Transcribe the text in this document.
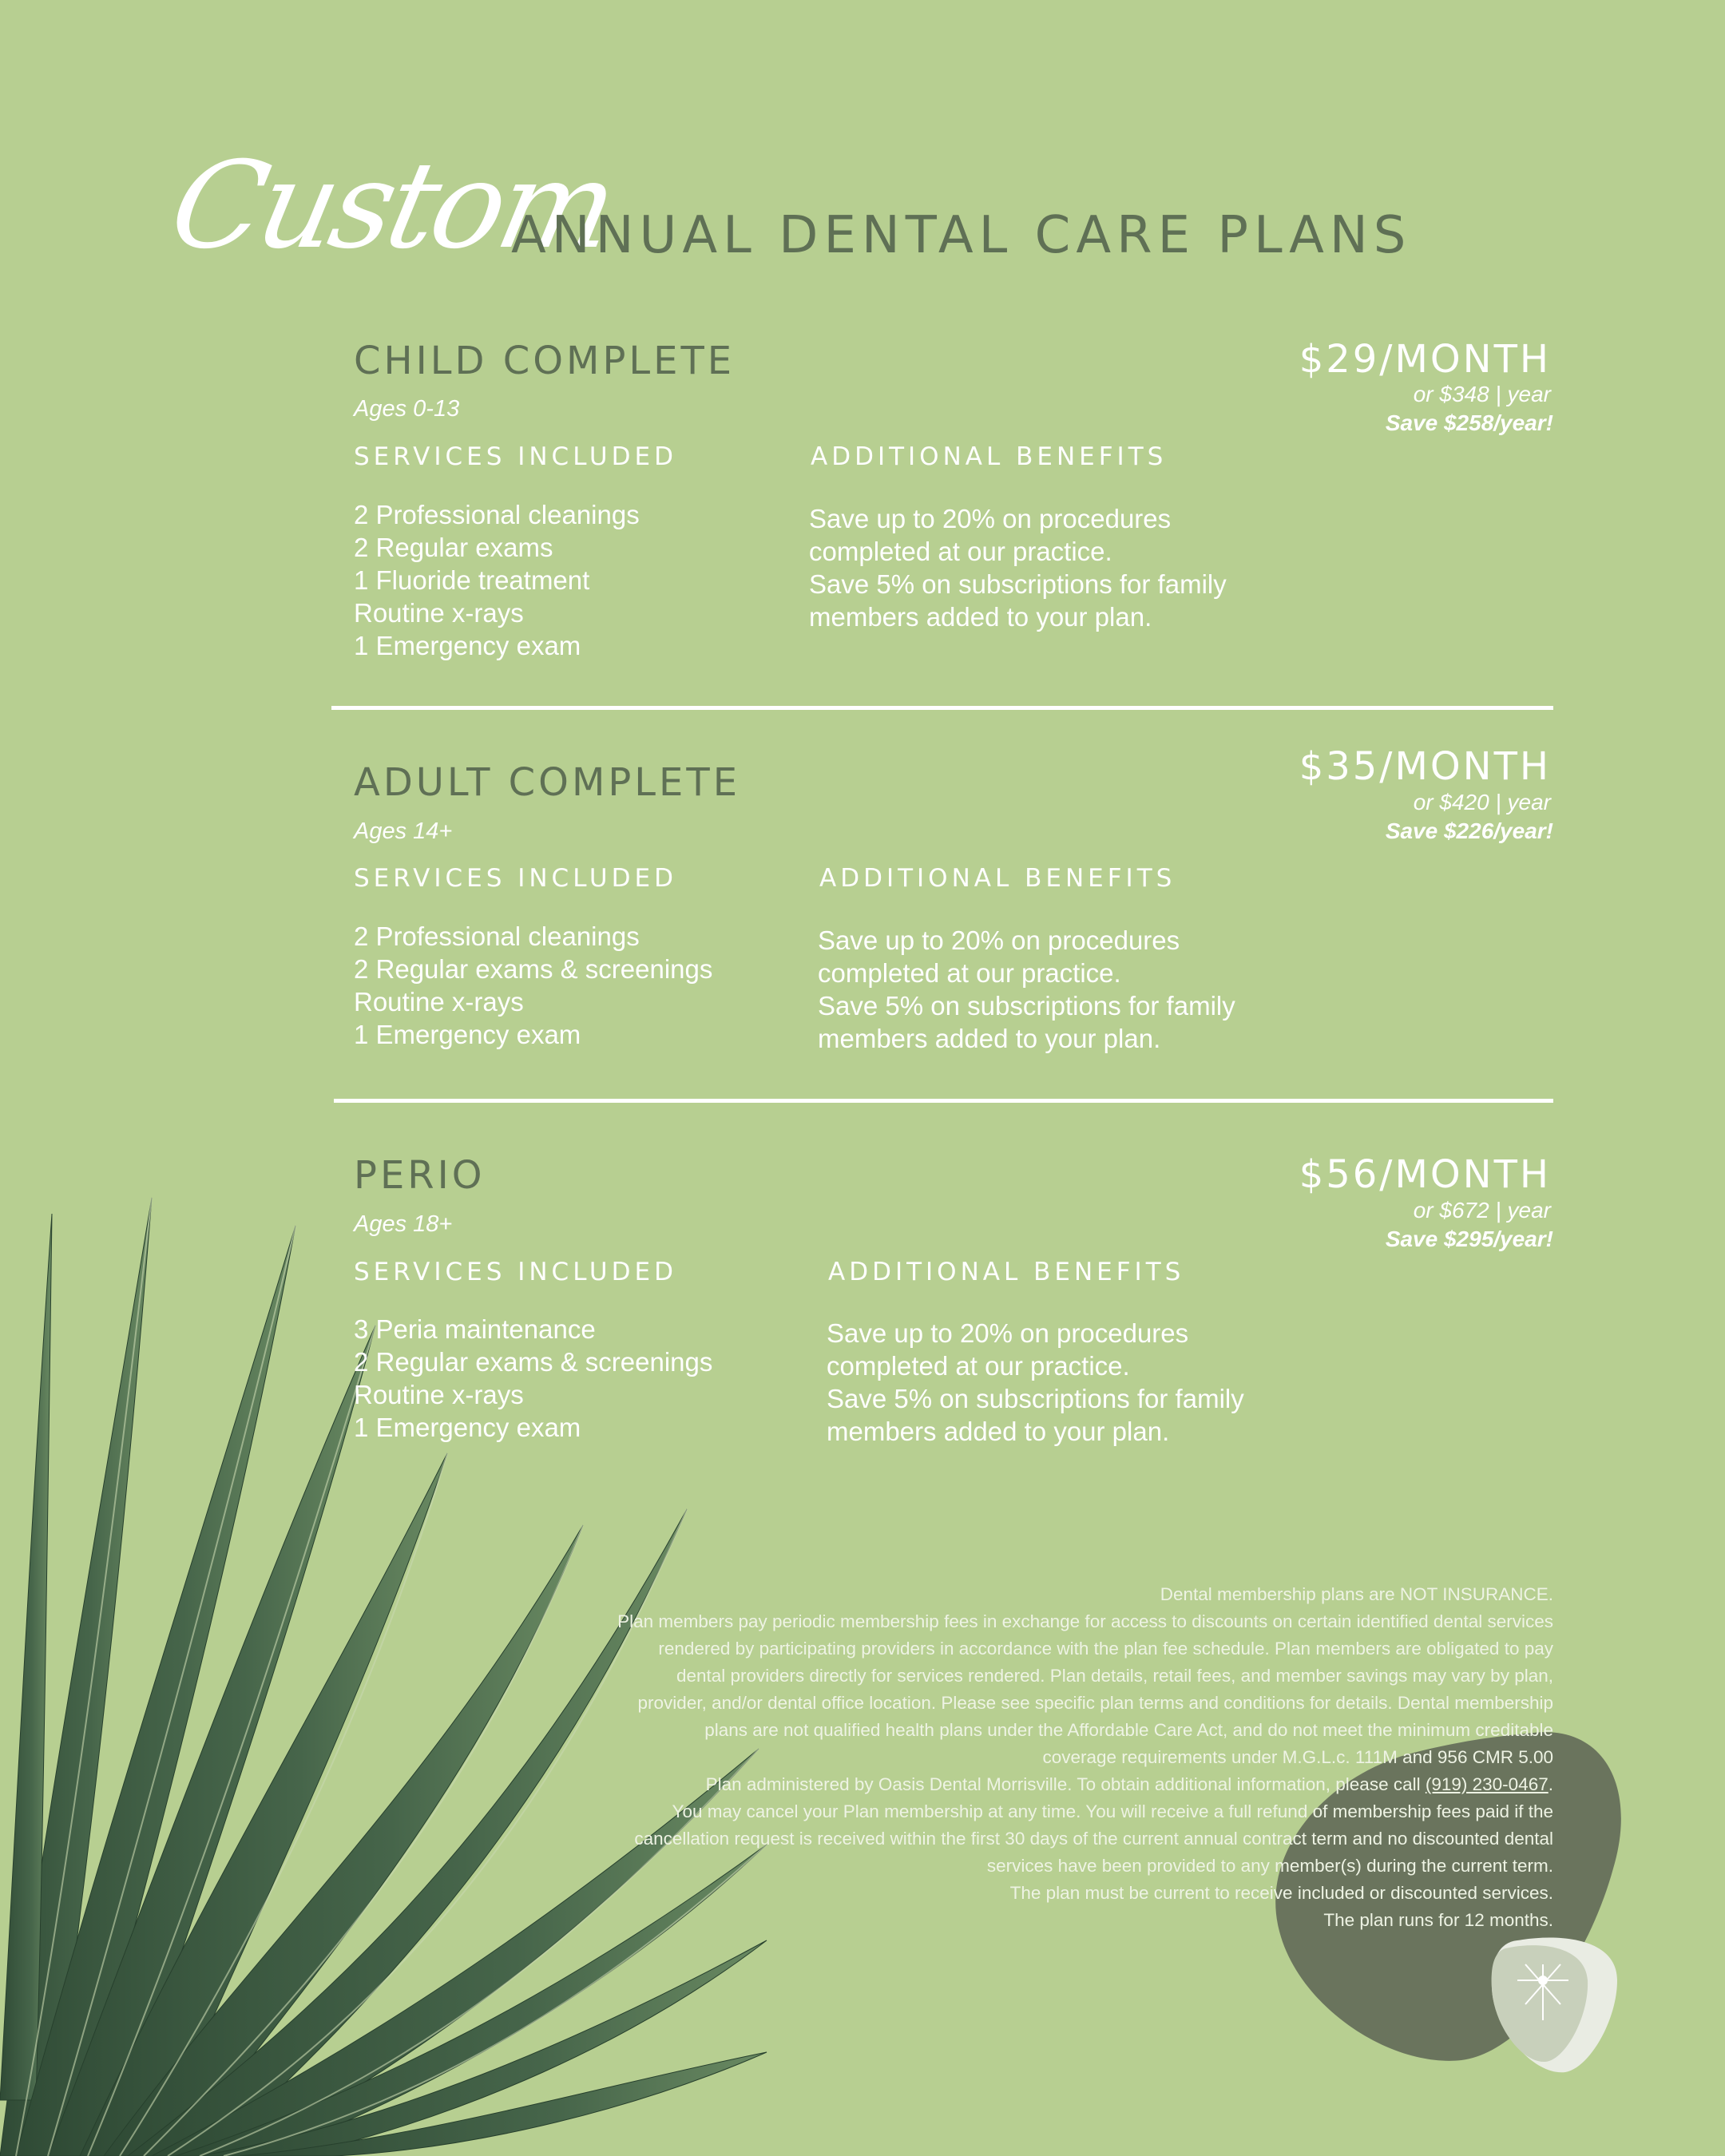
Custom
ANNUAL DENTAL CARE PLANS
CHILD COMPLETE
Ages 0-13
SERVICES INCLUDED	ADDITIONAL BENEFITS
2 Professional cleanings
2 Regular exams
1 Fluoride treatment
Routine x-rays
1 Emergency exam
Save up to 20% on procedures
completed at our practice.
Save 5% on subscriptions for family
members added to your plan.
$29/MONTH
or $348 | year
Save $258/year!
ADULT COMPLETE
Ages 14+
SERVICES INCLUDED	ADDITIONAL BENEFITS
2 Professional cleanings
2 Regular exams & screenings
Routine x-rays
1 Emergency exam
Save up to 20% on procedures
completed at our practice.
Save 5% on subscriptions for family
members added to your plan.
$35/MONTH
or $420 | year
Save $226/year!
PERIO
Ages 18+
SERVICES INCLUDED	ADDITIONAL BENEFITS
3 Peria maintenance
2 Regular exams & screenings
Routine x-rays
1 Emergency exam
Save up to 20% on procedures
completed at our practice.
Save 5% on subscriptions for family
members added to your plan.
$56/MONTH
or $672 | year
Save $295/year!

Dental membership plans are NOT INSURANCE.

Plan members pay periodic membership fees in exchange for access to discounts on certain identified dental services

rendered by participating providers in accordance with the plan fee schedule. Plan members are obligated to pay

dental providers directly for services rendered. Plan details, retail fees, and member savings may vary by plan,

provider, and/or dental office location. Please see specific plan terms and conditions for details. Dental membership

plans are not qualified health plans under the Affordable Care Act, and do not meet the minimum creditable

coverage requirements under M.G.L.c. 111M and 956 CMR 5.00

Plan administered by Oasis Dental Morrisville. To obtain additional information, please call (919) 230-0467.

You may cancel your Plan membership at any time. You will receive a full refund of membership fees paid if the

cancellation request is received within the first 30 days of the current annual contract term and no discounted dental

services have been provided to any member(s) during the current term.

The plan must be current to receive included or discounted services.

The plan runs for 12 months.
